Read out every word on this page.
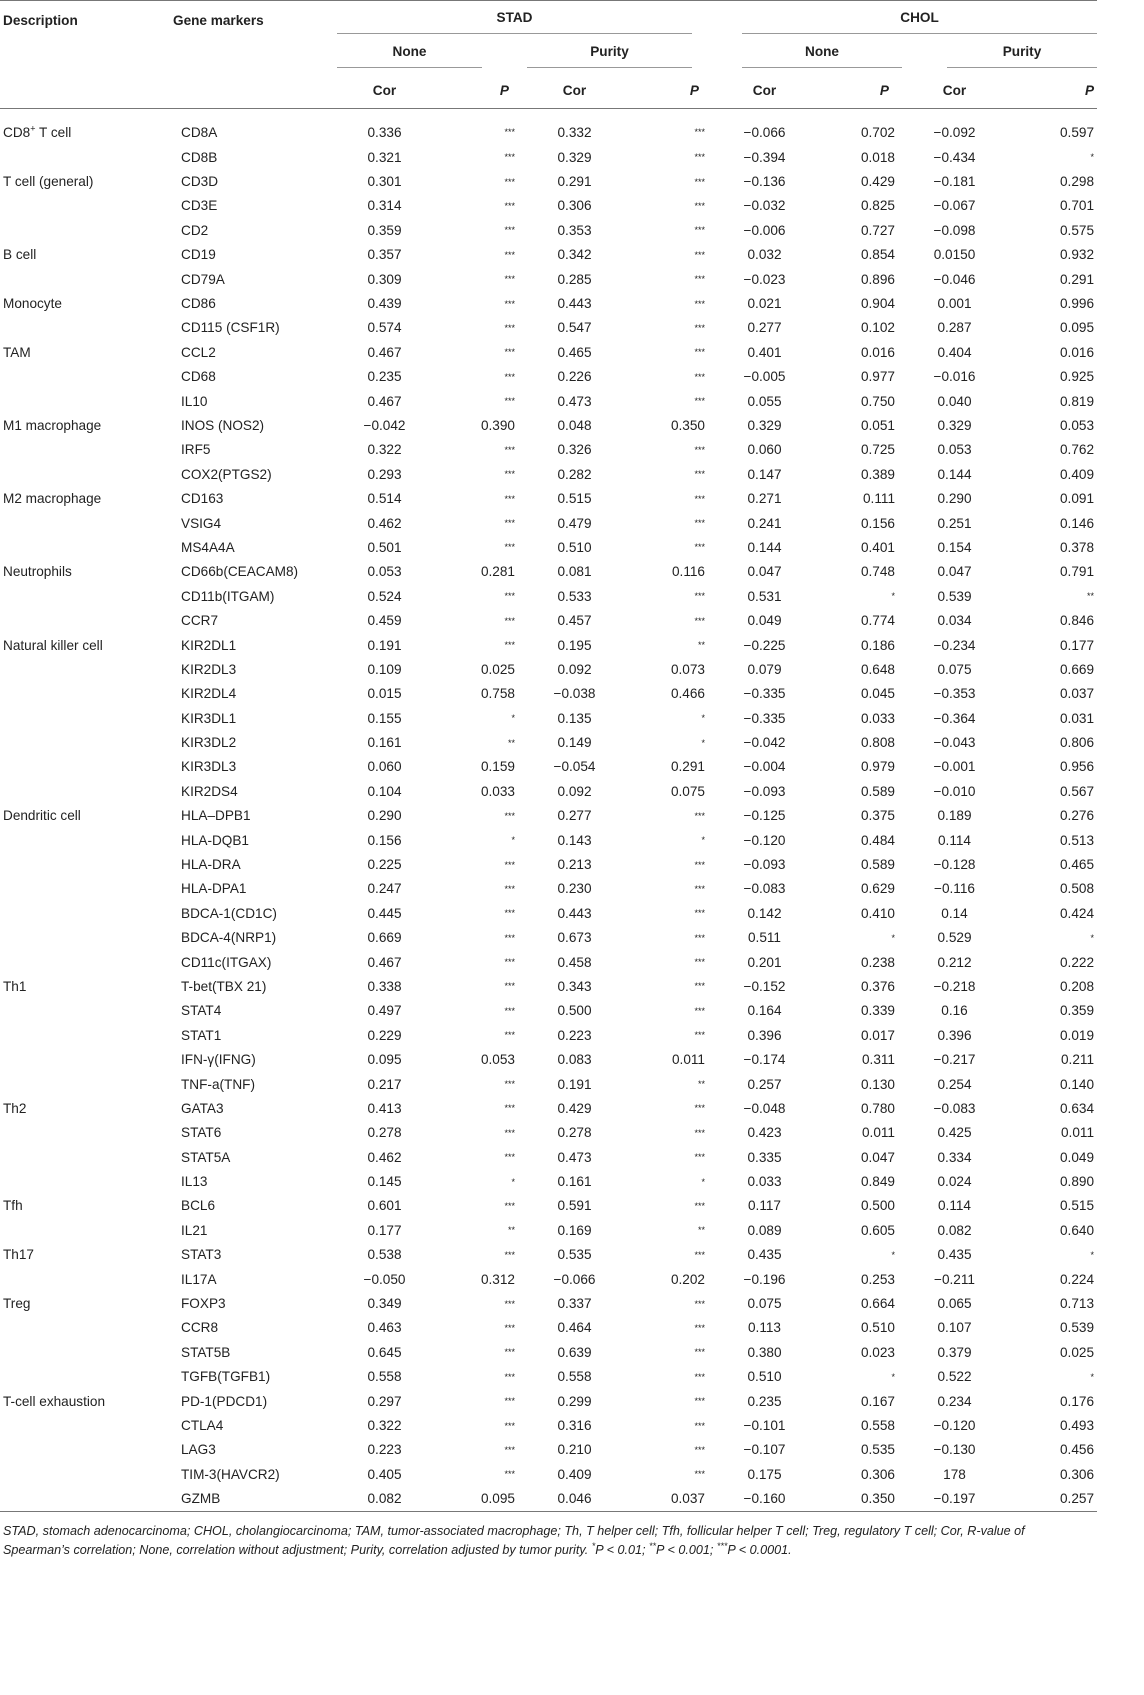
Description	Gene markers	STAD				CHOL			

		None		Purity		None		Purity	

		Cor	P	Cor	P	Cor	P	Cor	P
CD8+ T cell	CD8A	0.336	***	0.332	***	−0.066	0.702	−0.092	0.597
	CD8B	0.321	***	0.329	***	−0.394	0.018	−0.434	*
T cell (general)	CD3D	0.301	***	0.291	***	−0.136	0.429	−0.181	0.298
	CD3E	0.314	***	0.306	***	−0.032	0.825	−0.067	0.701
	CD2	0.359	***	0.353	***	−0.006	0.727	−0.098	0.575
B cell	CD19	0.357	***	0.342	***	0.032	0.854	0.0150	0.932
	CD79A	0.309	***	0.285	***	−0.023	0.896	−0.046	0.291
Monocyte	CD86	0.439	***	0.443	***	0.021	0.904	0.001	0.996
	CD115 (CSF1R)	0.574	***	0.547	***	0.277	0.102	0.287	0.095
TAM	CCL2	0.467	***	0.465	***	0.401	0.016	0.404	0.016
	CD68	0.235	***	0.226	***	−0.005	0.977	−0.016	0.925
	IL10	0.467	***	0.473	***	0.055	0.750	0.040	0.819
M1 macrophage	INOS (NOS2)	−0.042	0.390	0.048	0.350	0.329	0.051	0.329	0.053
	IRF5	0.322	***	0.326	***	0.060	0.725	0.053	0.762
	COX2(PTGS2)	0.293	***	0.282	***	0.147	0.389	0.144	0.409
M2 macrophage	CD163	0.514	***	0.515	***	0.271	0.111	0.290	0.091
	VSIG4	0.462	***	0.479	***	0.241	0.156	0.251	0.146
	MS4A4A	0.501	***	0.510	***	0.144	0.401	0.154	0.378
Neutrophils	CD66b(CEACAM8)	0.053	0.281	0.081	0.116	0.047	0.748	0.047	0.791
	CD11b(ITGAM)	0.524	***	0.533	***	0.531	*	0.539	**
	CCR7	0.459	***	0.457	***	0.049	0.774	0.034	0.846
Natural killer cell	KIR2DL1	0.191	***	0.195	**	−0.225	0.186	−0.234	0.177
	KIR2DL3	0.109	0.025	0.092	0.073	0.079	0.648	0.075	0.669
	KIR2DL4	0.015	0.758	−0.038	0.466	−0.335	0.045	−0.353	0.037
	KIR3DL1	0.155	*	0.135	*	−0.335	0.033	−0.364	0.031
	KIR3DL2	0.161	**	0.149	*	−0.042	0.808	−0.043	0.806
	KIR3DL3	0.060	0.159	−0.054	0.291	−0.004	0.979	−0.001	0.956
	KIR2DS4	0.104	0.033	0.092	0.075	−0.093	0.589	−0.010	0.567
Dendritic cell	HLA–DPB1	0.290	***	0.277	***	−0.125	0.375	0.189	0.276
	HLA-DQB1	0.156	*	0.143	*	−0.120	0.484	0.114	0.513
	HLA-DRA	0.225	***	0.213	***	−0.093	0.589	−0.128	0.465
	HLA-DPA1	0.247	***	0.230	***	−0.083	0.629	−0.116	0.508
	BDCA-1(CD1C)	0.445	***	0.443	***	0.142	0.410	0.14	0.424
	BDCA-4(NRP1)	0.669	***	0.673	***	0.511	*	0.529	*
	CD11c(ITGAX)	0.467	***	0.458	***	0.201	0.238	0.212	0.222
Th1	T-bet(TBX 21)	0.338	***	0.343	***	−0.152	0.376	−0.218	0.208
	STAT4	0.497	***	0.500	***	0.164	0.339	0.16	0.359
	STAT1	0.229	***	0.223	***	0.396	0.017	0.396	0.019
	IFN-γ(IFNG)	0.095	0.053	0.083	0.011	−0.174	0.311	−0.217	0.211
	TNF-a(TNF)	0.217	***	0.191	**	0.257	0.130	0.254	0.140
Th2	GATA3	0.413	***	0.429	***	−0.048	0.780	−0.083	0.634
	STAT6	0.278	***	0.278	***	0.423	0.011	0.425	0.011
	STAT5A	0.462	***	0.473	***	0.335	0.047	0.334	0.049
	IL13	0.145	*	0.161	*	0.033	0.849	0.024	0.890
Tfh	BCL6	0.601	***	0.591	***	0.117	0.500	0.114	0.515
	IL21	0.177	**	0.169	**	0.089	0.605	0.082	0.640
Th17	STAT3	0.538	***	0.535	***	0.435	*	0.435	*
	IL17A	−0.050	0.312	−0.066	0.202	−0.196	0.253	−0.211	0.224
Treg	FOXP3	0.349	***	0.337	***	0.075	0.664	0.065	0.713
	CCR8	0.463	***	0.464	***	0.113	0.510	0.107	0.539
	STAT5B	0.645	***	0.639	***	0.380	0.023	0.379	0.025
	TGFB(TGFB1)	0.558	***	0.558	***	0.510	*	0.522	*
T-cell exhaustion	PD-1(PDCD1)	0.297	***	0.299	***	0.235	0.167	0.234	0.176
	CTLA4	0.322	***	0.316	***	−0.101	0.558	−0.120	0.493
	LAG3	0.223	***	0.210	***	−0.107	0.535	−0.130	0.456
	TIM-3(HAVCR2)	0.405	***	0.409	***	0.175	0.306	178	0.306
	GZMB	0.082	0.095	0.046	0.037	−0.160	0.350	−0.197	0.257
STAD, stomach adenocarcinoma; CHOL, cholangiocarcinoma; TAM, tumor-associated macrophage; Th, T helper cell; Tfh, follicular helper T cell; Treg, regulatory T cell; Cor, R-value of
Spearman’s correlation; None, correlation without adjustment; Purity, correlation adjusted by tumor purity. *P < 0.01; **P < 0.001; ***P < 0.0001.
